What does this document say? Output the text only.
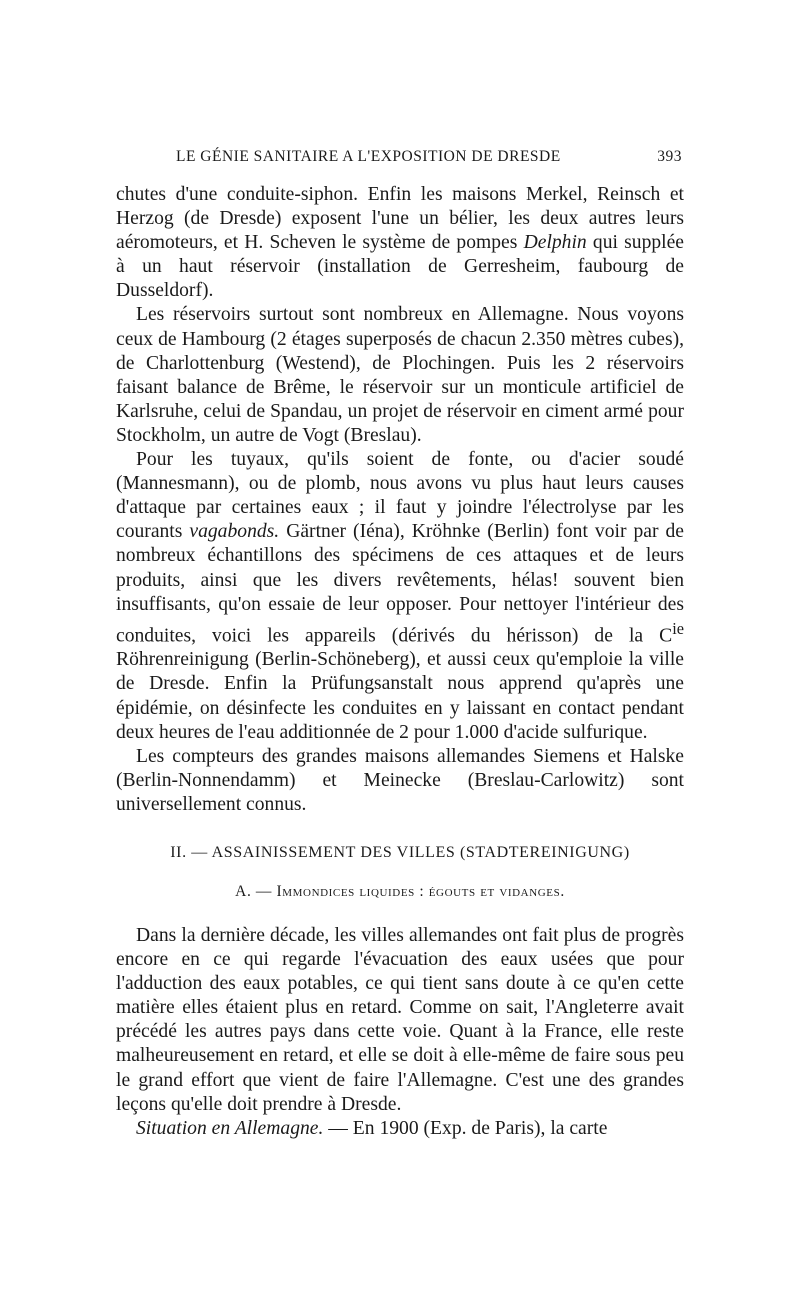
LE GÉNIE SANITAIRE A L'EXPOSITION DE DRESDE	393

chutes d'une conduite-siphon. Enfin les maisons Merkel, Reinsch et Herzog (de Dresde) exposent l'une un bélier, les deux autres leurs aéromoteurs, et H. Scheven le système de pompes Delphin qui supplée à un haut réservoir (installation de Gerresheim, faubourg de Dusseldorf).

Les réservoirs surtout sont nombreux en Allemagne. Nous voyons ceux de Hambourg (2 étages superposés de chacun 2.350 mètres cubes), de Charlottenburg (Westend), de Plochingen. Puis les 2 réservoirs faisant balance de Brême, le réservoir sur un monticule artificiel de Karlsruhe, celui de Spandau, un projet de réservoir en ciment armé pour Stockholm, un autre de Vogt (Breslau).

Pour les tuyaux, qu'ils soient de fonte, ou d'acier soudé (Mannesmann), ou de plomb, nous avons vu plus haut leurs causes d'attaque par certaines eaux ; il faut y joindre l'électrolyse par les courants vagabonds. Gärtner (Iéna), Kröhnke (Berlin) font voir par de nombreux échantillons des spécimens de ces attaques et de leurs produits, ainsi que les divers revêtements, hélas! souvent bien insuffisants, qu'on essaie de leur opposer. Pour nettoyer l'intérieur des conduites, voici les appareils (dérivés du hérisson) de la $C^{ie}$ Röhrenreinigung (Berlin-Schöneberg), et aussi ceux qu'emploie la ville de Dresde. Enfin la Prüfungsanstalt nous apprend qu'après une épidémie, on désinfecte les conduites en y laissant en contact pendant deux heures de l'eau additionnée de 2 pour 1.000 d'acide sulfurique.

Les compteurs des grandes maisons allemandes Siemens et Halske (Berlin-Nonnendamm) et Meinecke (Breslau-Carlowitz) sont universellement connus.

II. — ASSAINISSEMENT DES VILLES (STADTEREINIGUNG)
A. — Immondices liquides : égouts et vidanges.

Dans la dernière décade, les villes allemandes ont fait plus de progrès encore en ce qui regarde l'évacuation des eaux usées que pour l'adduction des eaux potables, ce qui tient sans doute à ce qu'en cette matière elles étaient plus en retard. Comme on sait, l'Angleterre avait précédé les autres pays dans cette voie. Quant à la France, elle reste malheureusement en retard, et elle se doit à elle-même de faire sous peu le grand effort que vient de faire l'Allemagne. C'est une des grandes leçons qu'elle doit prendre à Dresde.

Situation en Allemagne. — En 1900 (Exp. de Paris), la carte
